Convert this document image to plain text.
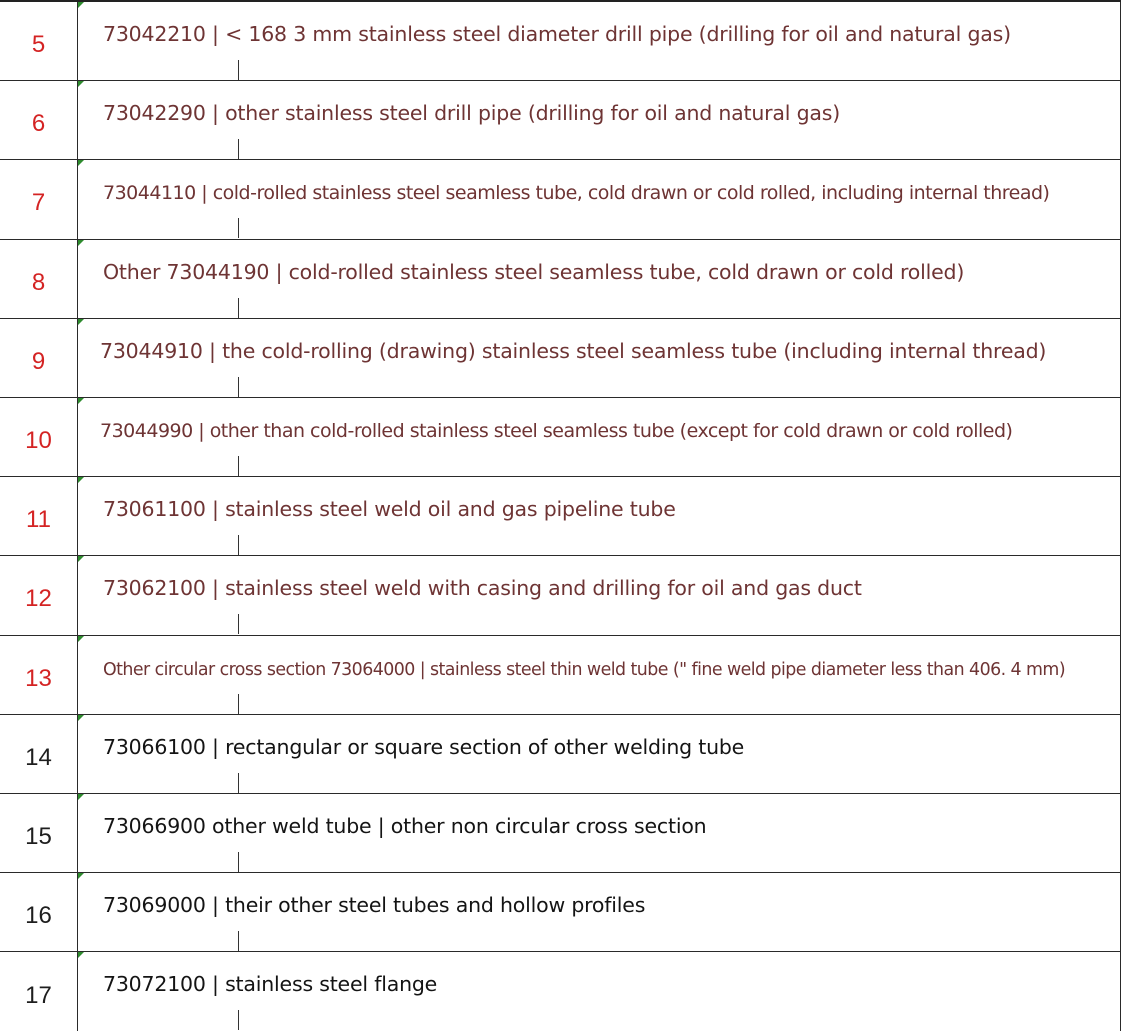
5	73042210 | < 168 3 mm stainless steel diameter drill pipe (drilling for oil and natural gas)
6	73042290 | other stainless steel drill pipe (drilling for oil and natural gas)
7	73044110 | cold-rolled stainless steel seamless tube, cold drawn or cold rolled, including internal thread)
8	Other 73044190 | cold-rolled stainless steel seamless tube, cold drawn or cold rolled)
9	73044910 | the cold-rolling (drawing) stainless steel seamless tube (including internal thread)
10	73044990 | other than cold-rolled stainless steel seamless tube (except for cold drawn or cold rolled)
11	73061100 | stainless steel weld oil and gas pipeline tube
12	73062100 | stainless steel weld with casing and drilling for oil and gas duct
13	Other circular cross section 73064000 | stainless steel thin weld tube (" fine weld pipe diameter less than 406. 4 mm)
14	73066100 | rectangular or square section of other welding tube
15	73066900 other weld tube | other non circular cross section
16	73069000 | their other steel tubes and hollow profiles
17	73072100 | stainless steel flange
